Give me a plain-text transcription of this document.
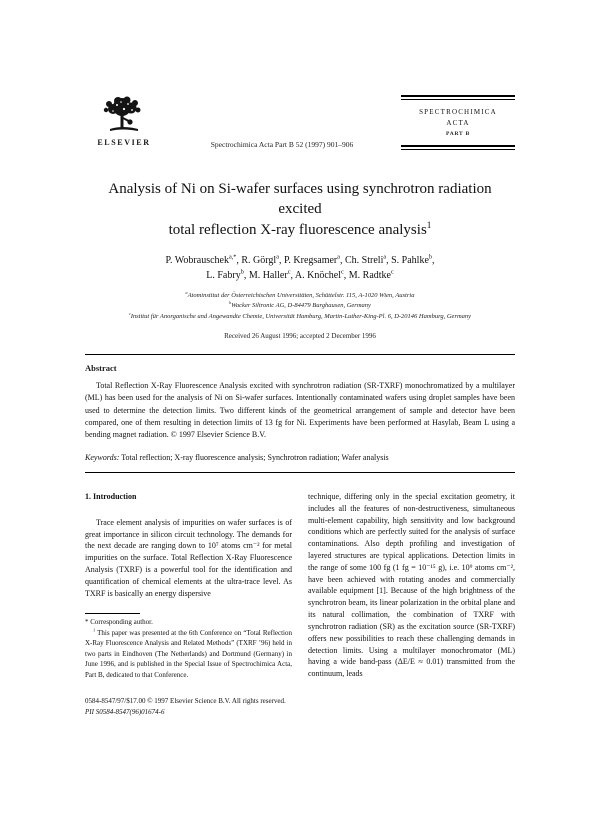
ELSEVIER	Spectrochimica Acta Part B 52 (1997) 901–906
SPECTROCHIMICA
ACTA
PART B
Analysis of Ni on Si-wafer surfaces using synchrotron radiation excited
total reflection X-ray fluorescence analysis$^1$
P. Wobrauschek$^{a,*}$, R. Görgl$^a$, P. Kregsamer$^a$, Ch. Streli$^a$, S. Pahlke$^b$,
L. Fabry$^b$, M. Haller$^c$, A. Knöchel$^c$, M. Radtke$^c$
$^a$Atominstitut der Österreichischen Universitäten, Schüttelstr. 115, A-1020 Wien, Austria
$^b$Wacker Siltronic AG, D-84479 Burghausen, Germany
$^c$Institut für Anorganische und Angewandte Chemie, Universität Hamburg, Martin-Luther-King-Pl. 6, D-20146 Hamburg, Germany
Received 26 August 1996; accepted 2 December 1996
Abstract

Total Reflection X-Ray Fluorescence Analysis excited with synchrotron radiation (SR-TXRF) monochromatized by a multilayer (ML) has been used for the analysis of Ni on Si-wafer surfaces. Intentionally contaminated wafers using droplet samples have been used to determine the detection limits. Two different kinds of the geometrical arrangement of sample and detector have been compared, one of them resulting in detection limits of 13 fg for Ni. Experiments have been performed at Hasylab, Beam L using a bending magnet radiation. © 1997 Elsevier Science B.V.

Keywords: Total reflection; X-ray fluorescence analysis; Synchrotron radiation; Wafer analysis
1. Introduction

Trace element analysis of impurities on wafer surfaces is of great importance in silicon circuit technology. The demands for the next decade are ranging down to 10⁷ atoms cm⁻² for metal impurities on the surface. Total Reflection X-Ray Fluorescence Analysis (TXRF) is a powerful tool for the identification and quantification of chemical elements at the ultra-trace level. As TXRF is basically an energy dispersive

* Corresponding author.

$^1$ This paper was presented at the 6th Conference on “Total Reflection X-Ray Fluorescence Analysis and Related Methods” (TXRF ’96) held in two parts in Eindhoven (The Netherlands) and Dortmund (Germany) in June 1996, and is published in the Special Issue of Spectrochimica Acta, Part B, dedicated to that Conference.

0584-8547/97/$17.00 © 1997 Elsevier Science B.V. All rights reserved.
PII S0584-8547(96)01674-6

technique, differing only in the special excitation geometry, it includes all the features of non-destructiveness, simultaneous multi-element capability, high sensitivity and low background conditions which are perfectly suited for the analysis of surface contaminations. Also depth profiling and investigation of layered structures are typical applications. Detection limits in the range of some 100 fg (1 fg = 10⁻¹⁵ g), i.e. 10⁹ atoms cm⁻², have been achieved with rotating anodes and commercially available equipment [1]. Because of the high brightness of the synchrotron beam, its linear polarization in the orbital plane and its natural collimation, the combination of TXRF with synchrotron radiation (SR) as the excitation source (SR-TXRF) offers new possibilities to reach these challenging demands in detection limits. Using a multilayer monochromator (ML) having a wide band-pass (ΔE/E ≈ 0.01) transmitted from the continuum, leads
